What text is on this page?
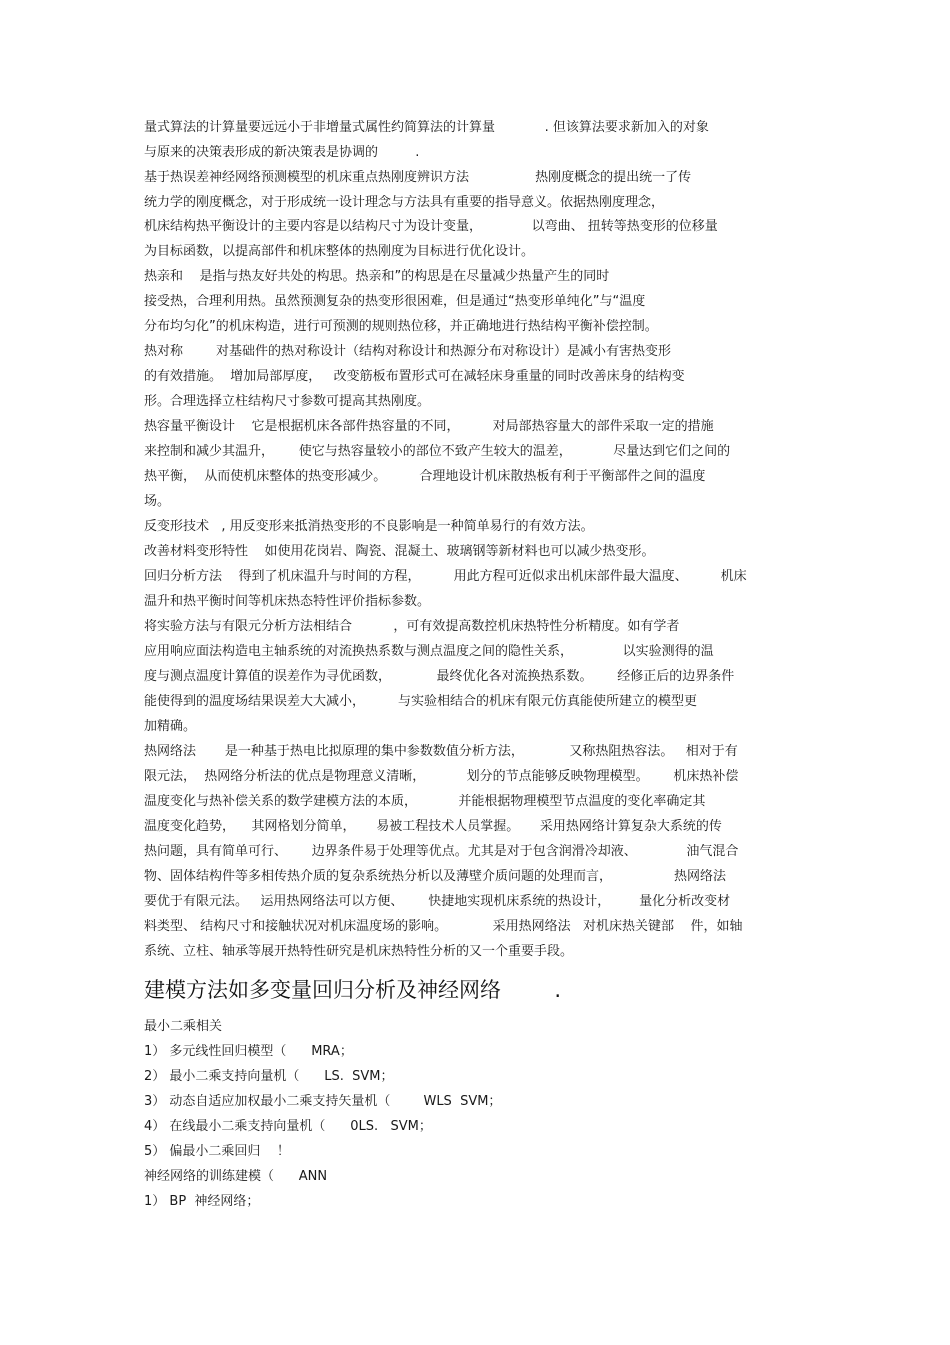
量式算法的计算量要远远小于非增量式属性约简算法的计算量            . 但该算法要求新加入的对象
与原来的决策表形成的新决策表是协调的         .
基于热误差神经网络预测模型的机床重点热刚度辨识方法                热刚度概念的提出统一了传
统力学的刚度概念，对于形成统一设计理念与方法具有重要的指导意义。依据热刚度理念，
机床结构热平衡设计的主要内容是以结构尺寸为设计变量，            以弯曲、 扭转等热变形的位移量
为目标函数，以提高部件和机床整体的热刚度为目标进行优化设计。
热亲和    是指与热友好共处的构思。热亲和”的构思是在尽量减少热量产生的同时
接受热，合理利用热。虽然预测复杂的热变形很困难，但是通过“热变形单纯化”与“温度
分布均匀化”的机床构造，进行可预测的规则热位移，并正确地进行热结构平衡补偿控制。
热对称        对基础件的热对称设计（结构对称设计和热源分布对称设计）是减小有害热变形
的有效措施。  增加局部厚度，   改变筋板布置形式可在减轻床身重量的同时改善床身的结构变
形。合理选择立柱结构尺寸参数可提高其热刚度。
热容量平衡设计    它是根据机床各部件热容量的不同，        对局部热容量大的部件采取一定的措施
来控制和减少其温升，      使它与热容量较小的部位不致产生较大的温差，          尽量达到它们之间的
热平衡，  从而使机床整体的热变形减少。        合理地设计机床散热板有利于平衡部件之间的温度
场。
反变形技术   , 用反变形来抵消热变形的不良影响是一种简单易行的有效方法。
改善材料变形特性    如使用花岗岩、陶瓷、混凝土、玻璃钢等新材料也可以减少热变形。
回归分析方法    得到了机床温升与时间的方程，        用此方程可近似求出机床部件最大温度、        机床
温升和热平衡时间等机床热态特性评价指标参数。
将实验方法与有限元分析方法相结合          ，可有效提高数控机床热特性分析精度。如有学者
应用响应面法构造电主轴系统的对流换热系数与测点温度之间的隐性关系，            以实验测得的温
度与测点温度计算值的误差作为寻优函数，           最终优化各对流换热系数。      经修正后的边界条件
能使得到的温度场结果误差大大减小，        与实验相结合的机床有限元仿真能使所建立的模型更
加精确。
热网络法       是一种基于热电比拟原理的集中参数数值分析方法，           又称热阻热容法。   相对于有
限元法，  热网络分析法的优点是物理意义清晰，          划分的节点能够反映物理模型。      机床热补偿
温度变化与热补偿关系的数学建模方法的本质，          并能根据物理模型节点温度的变化率确定其
温度变化趋势，    其网格划分简单，     易被工程技术人员掌握。     采用热网络计算复杂大系统的传
热问题，具有简单可行、      边界条件易于处理等优点。尤其是对于包含润滑冷却液、            油气混合
物、固体结构件等多相传热介质的复杂系统热分析以及薄壁介质问题的处理而言，               热网络法
要优于有限元法。   运用热网络法可以方便、      快捷地实现机床系统的热设计，       量化分析改变材
料类型、 结构尺寸和接触状况对机床温度场的影响。           采用热网络法   对机床热关键部    件，如轴
系统、立柱、轴承等展开热特性研究是机床热特性分析的又一个重要手段。
建模方法如多变量回归分析及神经网络        .
最小二乘相关
1） 多元线性回归模型（      MRA；
2） 最小二乘支持向量机（      LS.  SVM；
3） 动态自适应加权最小二乘支持矢量机（        WLS  SVM；
4） 在线最小二乘支持向量机（      0LS.   SVM；
5） 偏最小二乘回归    ！
神经网络的训练建模（      ANN
1） BP  神经网络；
